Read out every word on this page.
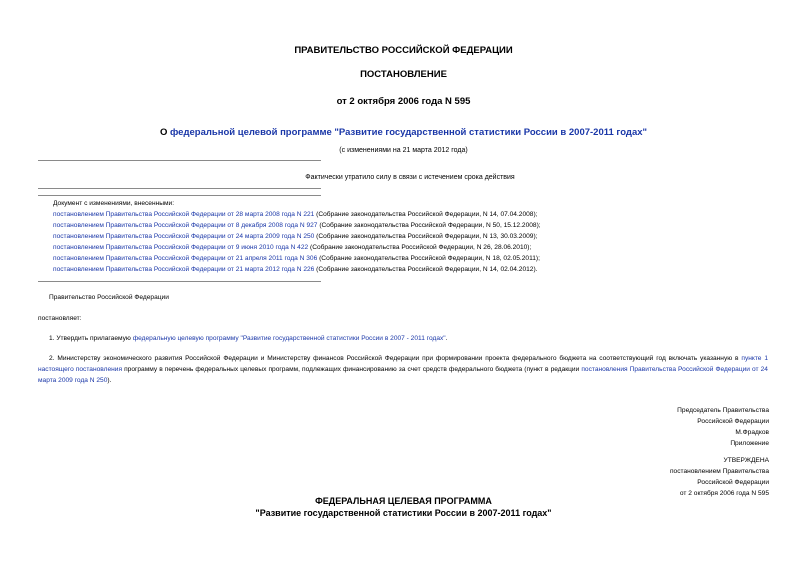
ПРАВИТЕЛЬСТВО РОССИЙСКОЙ ФЕДЕРАЦИИ
ПОСТАНОВЛЕНИЕ
от 2 октября 2006 года N 595
О федеральной целевой программе "Развитие государственной статистики России в 2007-2011 годах"
(с изменениями на 21 марта 2012 года)
Фактически утратило силу в связи с истечением срока действия
Документ с изменениями, внесенными:
постановлением Правительства Российской Федерации от 28 марта 2008 года N 221 (Собрание законодательства Российской Федерации, N 14, 07.04.2008);
постановлением Правительства Российской Федерации от 8 декабря 2008 года N 927 (Собрание законодательства Российской Федерации, N 50, 15.12.2008);
постановлением Правительства Российской Федерации от 24 марта 2009 года N 250 (Собрание законодательства Российской Федерации, N 13, 30.03.2009);
постановлением Правительства Российской Федерации от 9 июня 2010 года N 422 (Собрание законодательства Российской Федерации, N 26, 28.06.2010);
постановлением Правительства Российской Федерации от 21 апреля 2011 года N 306 (Собрание законодательства Российской Федерации, N 18, 02.05.2011);
постановлением Правительства Российской Федерации от 21 марта 2012 года N 226 (Собрание законодательства Российской Федерации, N 14, 02.04.2012).
Правительство Российской Федерации
постановляет:
1. Утвердить прилагаемую федеральную целевую программу "Развитие государственной статистики России в 2007 - 2011 годах".
2. Министерству экономического развития Российской Федерации и Министерству финансов Российской Федерации при формировании проекта федерального бюджета на соответствующий год включать указанную в пункте 1 настоящего постановления программу в перечень федеральных целевых программ, подлежащих финансированию за счет средств федерального бюджета (пункт в редакции постановления Правительства Российской Федерации от 24 марта 2009 года N 250).
Председатель Правительства
Российской Федерации
М.Фрадков
Приложение
УТВЕРЖДЕНА
постановлением Правительства
Российской Федерации
от 2 октября 2006 года N 595
ФЕДЕРАЛЬНАЯ ЦЕЛЕВАЯ ПРОГРАММА
"Развитие государственной статистики России в 2007-2011 годах"
